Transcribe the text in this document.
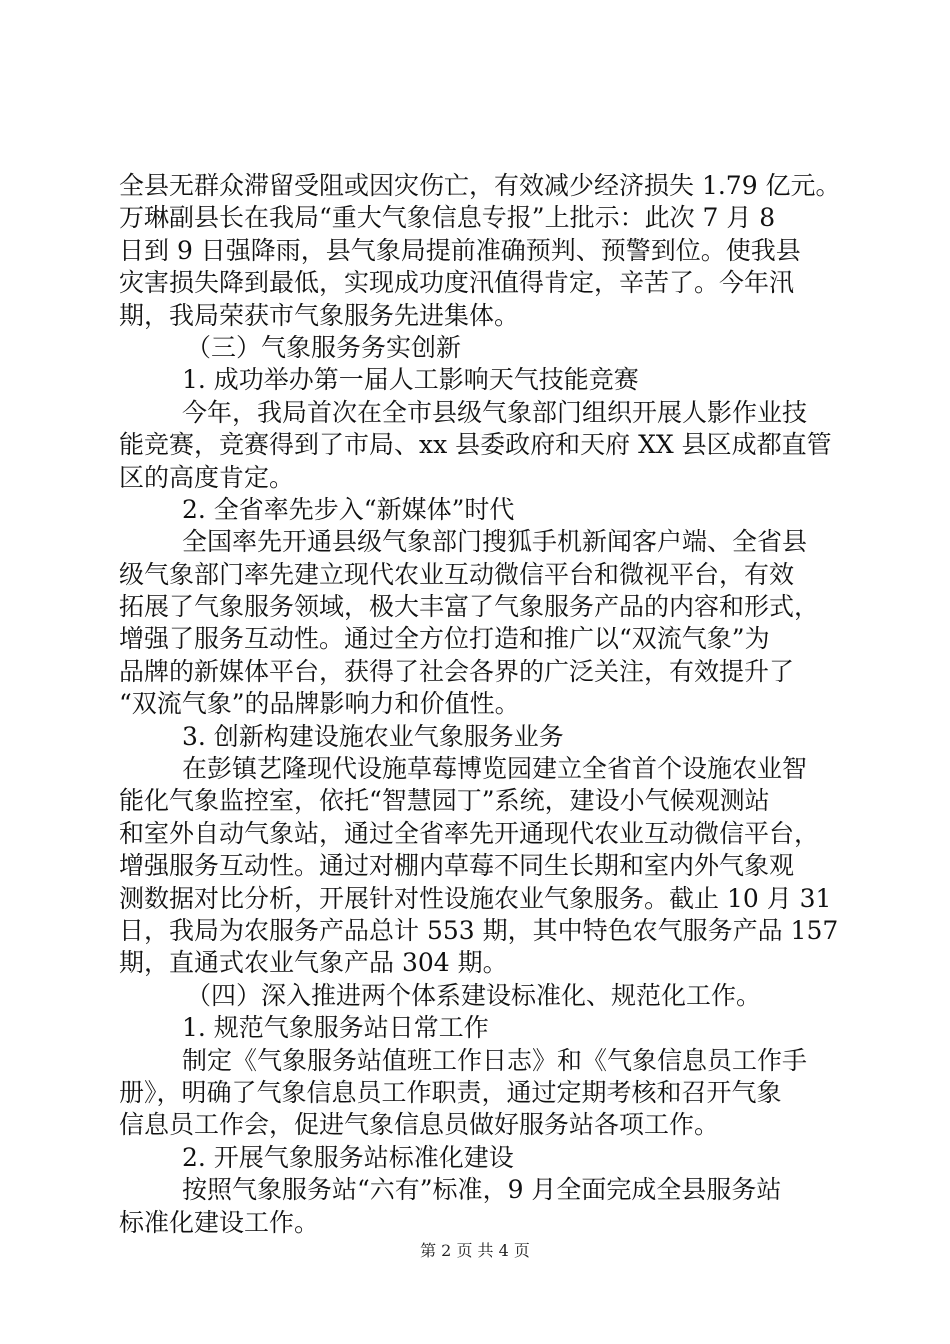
全县无群众滞留受阻或因灾伤亡，有效减少经济损失 1.79 亿元。
万琳副县长在我局“重大气象信息专报”上批示：此次 7 月 8
日到 9 日强降雨，县气象局提前准确预判、预警到位。使我县
灾害损失降到最低，实现成功度汛值得肯定，辛苦了。今年汛
期，我局荣获市气象服务先进集体。
（三）气象服务务实创新
1. 成功举办第一届人工影响天气技能竞赛
今年，我局首次在全市县级气象部门组织开展人影作业技
能竞赛，竞赛得到了市局、xx 县委政府和天府 XX 县区成都直管
区的高度肯定。
2. 全省率先步入“新媒体”时代
全国率先开通县级气象部门搜狐手机新闻客户端、全省县
级气象部门率先建立现代农业互动微信平台和微视平台，有效
拓展了气象服务领域，极大丰富了气象服务产品的内容和形式，
增强了服务互动性。通过全方位打造和推广以“双流气象”为
品牌的新媒体平台，获得了社会各界的广泛关注，有效提升了
“双流气象”的品牌影响力和价值性。
3. 创新构建设施农业气象服务业务
在彭镇艺隆现代设施草莓博览园建立全省首个设施农业智
能化气象监控室，依托“智慧园丁”系统，建设小气候观测站
和室外自动气象站，通过全省率先开通现代农业互动微信平台，
增强服务互动性。通过对棚内草莓不同生长期和室内外气象观
测数据对比分析，开展针对性设施农业气象服务。截止 10 月 31
日，我局为农服务产品总计 553 期，其中特色农气服务产品 157
期，直通式农业气象产品 304 期。
（四）深入推进两个体系建设标准化、规范化工作。
1. 规范气象服务站日常工作
制定《气象服务站值班工作日志》和《气象信息员工作手
册》，明确了气象信息员工作职责，通过定期考核和召开气象
信息员工作会，促进气象信息员做好服务站各项工作。
2. 开展气象服务站标准化建设
按照气象服务站“六有”标准，9 月全面完成全县服务站
标准化建设工作。
第 2 页 共 4 页
